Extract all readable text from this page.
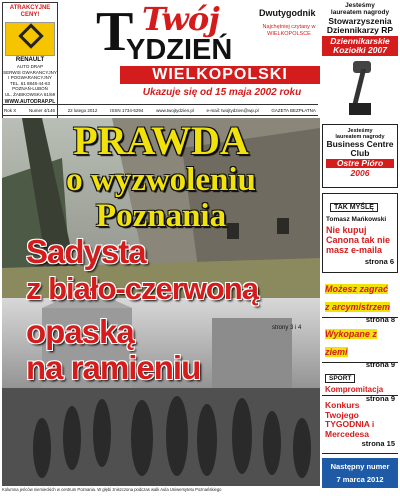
ATRAKCYJNE CENY!
RENAULT
AUTO DRAP
SERWIS GWARANCYJNY
I POGWARANCYJNY
TEL. 61 8848-44-63
POZNAŃ-LUBOŃ
UL. ŻABIKOWSKA 61/69
WWW.AUTODRAP.PL
T Twój
YDZIEŃ
Dwutygodnik
Najchętniej czytany w WIELKOPOLSCE
WIELKOPOLSKI
Ukazuje się od 15 maja 2002 roku
Jesteśmy
laureatem nagrody
Stowarzyszenia Dziennikarzy RP
Dziennikarskie Koziołki 2007
Rok X	Numer 4/146	22 lutego 2012	ISSN 1734-5294	www.twojtydzien.pl	e-mail: twojtydzien@wp.pl	GAZETA BEZPŁATNA
PRAWDA
o wyzwoleniu
Poznania
Sadysta
z biało-czerwoną
strony 3 i 4
opaską
na ramieniu
Kolumna jeńców niemieckich w centrum Poznania. W głębi zniszczona podczas walk Aula Uniwersytetu Poznańskiego
Jesteśmy
laureatem nagrody
Business Centre Club
Ostre Pióro
2006
TAK MYŚLĘ
Tomasz Mańkowski
Nie kupuj Canona tak nie masz e-maila
strona 6
Możesz zagrać z arcymistrzem
strona 8
Wykopane z ziemi
strona 9
SPORT
Kompromitacja
strona 9
Konkurs Twojego TYGODNIA i Mercedesa
strona 15
Następny numer
7 marca 2012
